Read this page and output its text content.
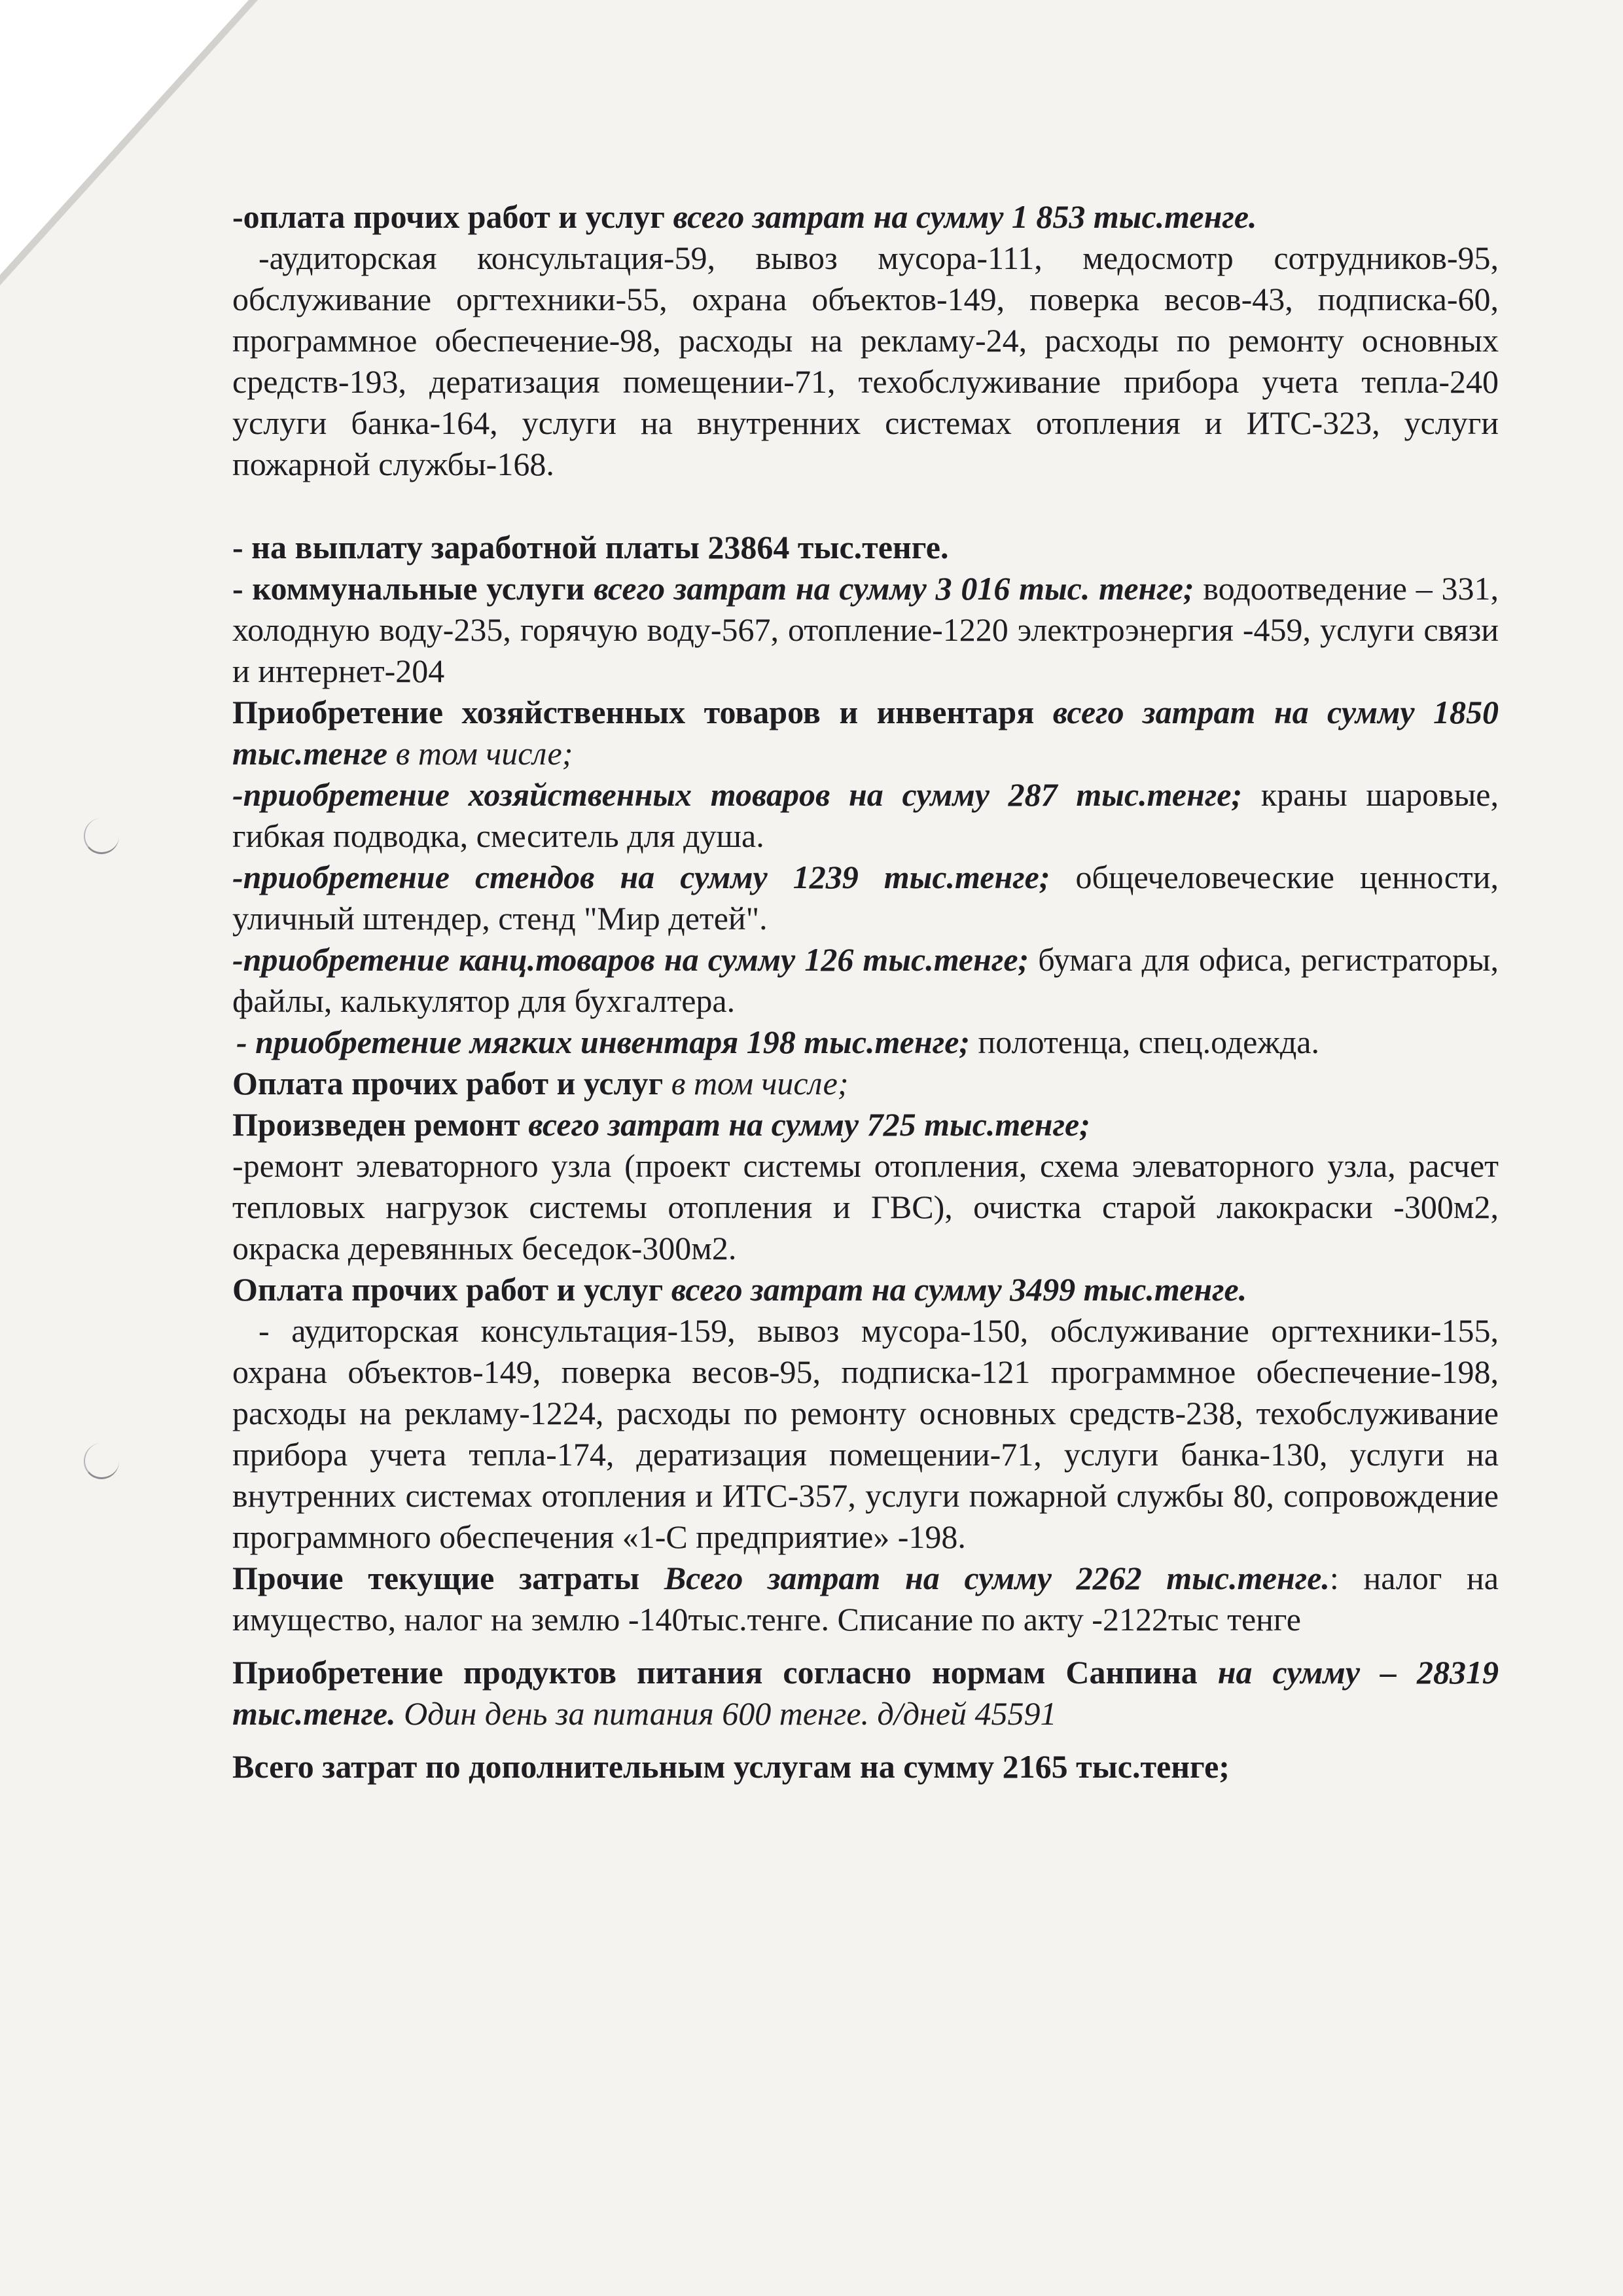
-оплата прочих работ и услуг всего затрат на сумму 1 853 тыс.тенге.

-аудиторская консультация-59, вывоз мусора-111, медосмотр сотрудников-95, обслуживание оргтехники-55, охрана объектов-149, поверка весов-43, подписка-60, программное обеспечение-98, расходы на рекламу-24, расходы по ремонту основных средств-193, дератизация помещении-71, техобслуживание прибора учета тепла-240 услуги банка-164, услуги на внутренних системах отопления и ИТС-323, услуги пожарной службы-168.

- на выплату заработной платы 23864 тыс.тенге.

- коммунальные услуги всего затрат на сумму 3 016 тыс. тенге; водоотведение – 331, холодную воду-235, горячую воду-567, отопление-1220 электроэнергия -459, услуги связи и интернет-204

Приобретение хозяйственных товаров и инвентаря всего затрат на сумму 1850 тыс.тенге в том числе;

-приобретение хозяйственных товаров на сумму 287 тыс.тенге; краны шаровые, гибкая подводка, смеситель для душа.

-приобретение стендов на сумму 1239 тыс.тенге; общечеловеческие ценности, уличный штендер, стенд "Мир детей".

-приобретение канц.товаров на сумму 126 тыс.тенге; бумага для офиса, регистраторы, файлы, калькулятор для бухгалтера.

- приобретение мягких инвентаря 198 тыс.тенге; полотенца, спец.одежда.

Оплата прочих работ и услуг в том числе;

Произведен ремонт всего затрат на сумму 725 тыс.тенге;

-ремонт элеваторного узла (проект системы отопления, схема элеваторного узла, расчет тепловых нагрузок системы отопления и ГВС), очистка старой лакокраски -300м2, окраска деревянных беседок-300м2.

Оплата прочих работ и услуг всего затрат на сумму 3499 тыс.тенге.

- аудиторская консультация-159, вывоз мусора-150, обслуживание оргтехники-155, охрана объектов-149, поверка весов-95, подписка-121 программное обеспечение-198, расходы на рекламу-1224, расходы по ремонту основных средств-238, техобслуживание прибора учета тепла-174, дератизация помещении-71, услуги банка-130, услуги на внутренних системах отопления и ИТС-357, услуги пожарной службы 80, сопровождение программного обеспечения «1-С предприятие» -198.

Прочие текущие затраты Всего затрат на сумму 2262 тыс.тенге.: налог на имущество, налог на землю -140тыс.тенге. Списание по акту -2122тыс тенге

Приобретение продуктов питания согласно нормам Санпина на сумму – 28319 тыс.тенге. Один день за питания 600 тенге. д/дней 45591

Всего затрат по дополнительным услугам на сумму 2165 тыс.тенге;
